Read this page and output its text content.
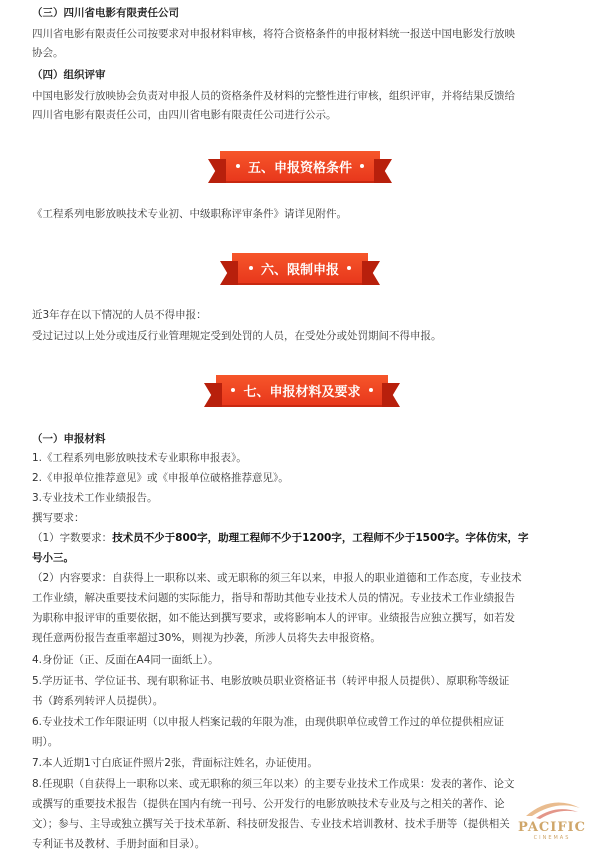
（三）四川省电影有限责任公司
四川省电影有限责任公司按要求对申报材料审核，将符合资格条件的申报材料统一报送中国电影发行放映
协会。
（四）组织评审
中国电影发行放映协会负责对申报人员的资格条件及材料的完整性进行审核，组织评审，并将结果反馈给
四川省电影有限责任公司，由四川省电影有限责任公司进行公示。
五、申报资格条件
《工程系列电影放映技术专业初、中级职称评审条件》请详见附件。
六、限制申报
近3年存在以下情况的人员不得申报：
受过记过以上处分或违反行业管理规定受到处罚的人员，在受处分或处罚期间不得申报。
七、申报材料及要求
（一）申报材料
1.《工程系列电影放映技术专业职称申报表》。
2.《申报单位推荐意见》或《申报单位破格推荐意见》。
3.专业技术工作业绩报告。
撰写要求：
（1）字数要求：技术员不少于800字，助理工程师不少于1200字，工程师不少于1500字。字体仿宋，字
号小三。
（2）内容要求：自获得上一职称以来、或无职称的须三年以来，申报人的职业道德和工作态度，专业技术
工作业绩，解决重要技术问题的实际能力，指导和帮助其他专业技术人员的情况。专业技术工作业绩报告
为职称申报评审的重要依据，如不能达到撰写要求，或将影响本人的评审。业绩报告应独立撰写，如若发
现任意两份报告查重率超过30%，则视为抄袭，所涉人员将失去申报资格。
4.身份证（正、反面在A4同一面纸上）。
5.学历证书、学位证书、现有职称证书、电影放映员职业资格证书（转评申报人员提供）、原职称等级证
书（跨系列转评人员提供）。
6.专业技术工作年限证明（以申报人档案记载的年限为准，由现供职单位或曾工作过的单位提供相应证
明）。
7.本人近期1寸白底证件照片2张，背面标注姓名，办证使用。
8.任现职（自获得上一职称以来、或无职称的须三年以来）的主要专业技术工作成果：发表的著作、论文
或撰写的重要技术报告（提供在国内有统一刊号、公开发行的电影放映技术专业及与之相关的著作、论
文）；参与、主导或独立撰写关于技术革新、科技研发报告、专业技术培训教材、技术手册等（提供相关
专利证书及教材、手册封面和目录）。
PACIFIC
CINEMAS
